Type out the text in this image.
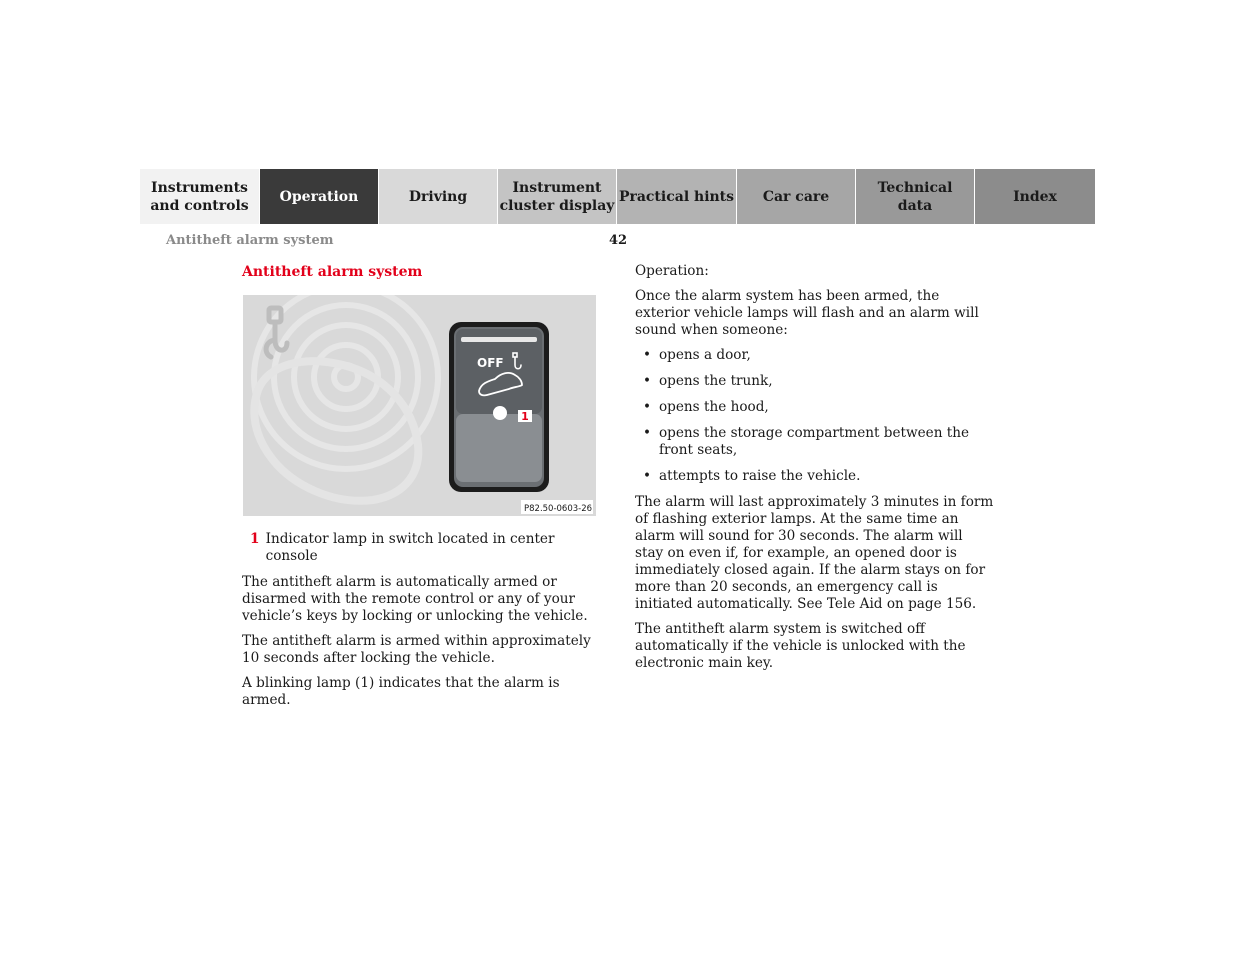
Instruments
and controls
Operation	Driving
Instrument
cluster display
Practical hints	Car care
Technical
data
Index
Antitheft alarm system	42
Antitheft alarm system
OFF
1
P82.50-0603-26
1 Indicator lamp in switch located in center console

The antitheft alarm is automatically armed or disarmed with the remote control or any of your vehicle’s keys by locking or unlocking the vehicle.

The antitheft alarm is armed within approximately
10 seconds after locking the vehicle.

A blinking lamp (1) indicates that the alarm is armed.

Operation:

Once the alarm system has been armed, the exterior vehicle lamps will flash and an alarm will sound when someone:

• opens a door,
• opens the trunk,
• opens the hood,
• opens the storage compartment between the front seats,
• attempts to raise the vehicle.

The alarm will last approximately 3 minutes in form of flashing exterior lamps. At the same time an alarm will sound for 30 seconds. The alarm will stay on even if, for example, an opened door is immediately closed again. If the alarm stays on for more than 20 seconds, an emergency call is initiated automatically. See Tele Aid on page 156.

The antitheft alarm system is switched off automatically if the vehicle is unlocked with the electronic main key.
